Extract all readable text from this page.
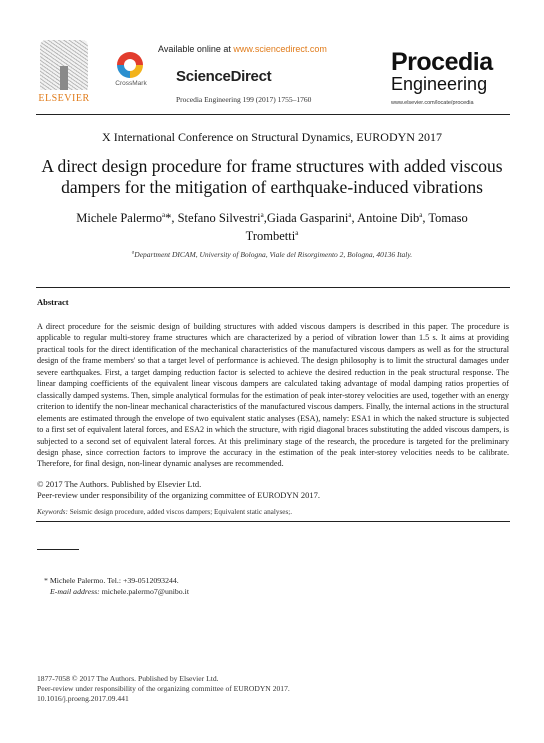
ELSEVIER
Available online at www.sciencedirect.com
CrossMark ScienceDirect
Procedia Engineering 199 (2017) 1755–1760
Procedia
Engineering
www.elsevier.com/locate/procedia
X International Conference on Structural Dynamics, EURODYN 2017
A direct design procedure for frame structures with added viscous dampers for the mitigation of earthquake-induced vibrations
Michele Palermo$^a$*, Stefano Silvestri$^a$,Giada Gasparini$^a$, Antoine Dib$^a$, Tomaso Trombetti$^a$
$^a$Department DICAM, University of Bologna, Viale del Risorgimento 2, Bologna, 40136 Italy.
Abstract
A direct procedure for the seismic design of building structures with added viscous dampers is described in this paper. The procedure is applicable to regular multi-storey frame structures which are characterized by a period of vibration lower than 1.5 s. It aims at providing practical tools for the direct identification of the mechanical characteristics of the manufactured viscous dampers as well as for the structural design of the frame members' so that a target level of performance is achieved. The design philosophy is to limit the structural damages under severe earthquakes. First, a target damping reduction factor is selected to achieve the desired reduction in the peak structural response. The linear damping coefficients of the equivalent linear viscous dampers are calculated taking advantage of modal damping ratios properties of classically damped systems. Then, simple analytical formulas for the estimation of peak inter-storey velocities are used, together with an energy criterion to identify the non-linear mechanical characteristics of the manufactured viscous dampers. Finally, the internal actions in the structural elements are estimated through the envelope of two equivalent static analyses (ESA), namely: ESA1 in which the naked structure is subjected to a first set of equivalent lateral forces, and ESA2 in which the structure, with rigid diagonal braces substituting the added viscous dampers, is subjected to a second set of equivalent lateral forces. At this preliminary stage of the research, the procedure is targeted for the preliminary design phase, since correction factors to improve the accuracy in the estimation of the peak inter-storey velocities needs to be calibrate. Therefore, for final design, non-linear dynamic analyses are recommended.
© 2017 The Authors. Published by Elsevier Ltd.
Peer-review under responsibility of the organizing committee of EURODYN 2017.
Keywords: Seismic design procedure, added viscos dampers; Equivalent static analyses;.
* Michele Palermo. Tel.: +39-0512093244.
E-mail address: michele.palermo7@unibo.it
1877-7058 © 2017 The Authors. Published by Elsevier Ltd.
Peer-review under responsibility of the organizing committee of EURODYN 2017.
10.1016/j.proeng.2017.09.441
